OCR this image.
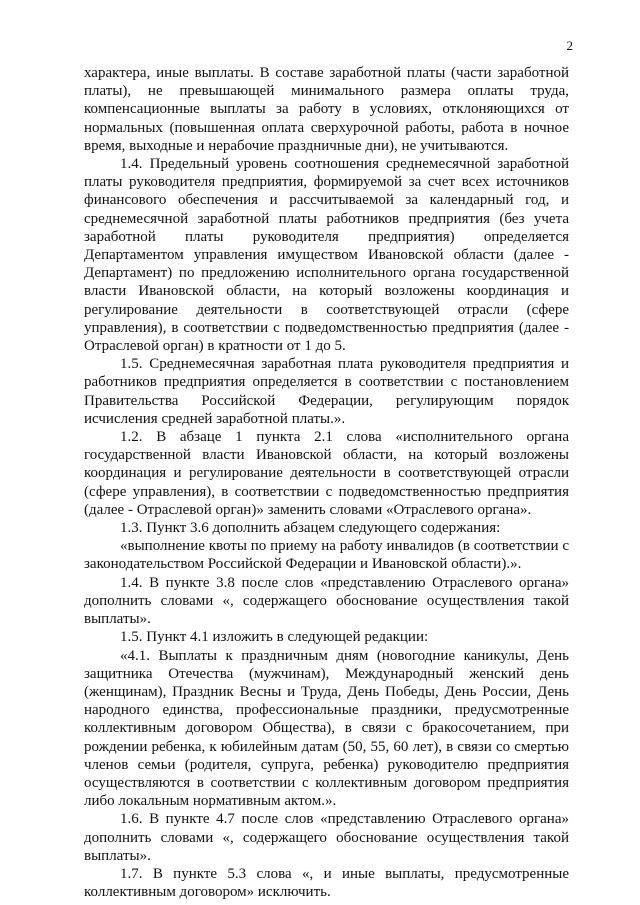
2

характера, иные выплаты. В составе заработной платы (части заработной платы), не превышающей минимального размера оплаты труда, компенсационные выплаты за работу в условиях, отклоняющихся от нормальных (повышенная оплата сверхурочной работы, работа в ночное время, выходные и нерабочие праздничные дни), не учитываются.

1.4. Предельный уровень соотношения среднемесячной заработной платы руководителя предприятия, формируемой за счет всех источников финансового обеспечения и рассчитываемой за календарный год, и среднемесячной заработной платы работников предприятия (без учета заработной платы руководителя предприятия) определяется Департаментом управления имуществом Ивановской области (далее - Департамент) по предложению исполнительного органа государственной власти Ивановской области, на который возложены координация и регулирование деятельности в соответствующей отрасли (сфере управления), в соответствии с подведомственностью предприятия (далее - Отраслевой орган) в кратности от 1 до 5.

1.5. Среднемесячная заработная плата руководителя предприятия и работников предприятия определяется в соответствии с постановлением Правительства Российской Федерации, регулирующим порядок исчисления средней заработной платы.».

1.2. В абзаце 1 пункта 2.1 слова «исполнительного органа государственной власти Ивановской области, на который возложены координация и регулирование деятельности в соответствующей отрасли (сфере управления), в соответствии с подведомственностью предприятия (далее - Отраслевой орган)» заменить словами «Отраслевого органа».

1.3. Пункт 3.6 дополнить абзацем следующего содержания:

«выполнение квоты по приему на работу инвалидов (в соответствии с законодательством Российской Федерации и Ивановской области).».

1.4. В пункте 3.8 после слов «представлению Отраслевого органа» дополнить словами «, содержащего обоснование осуществления такой выплаты».

1.5. Пункт 4.1 изложить в следующей редакции:

«4.1. Выплаты к праздничным дням (новогодние каникулы, День защитника Отечества (мужчинам), Международный женский день (женщинам), Праздник Весны и Труда, День Победы, День России, День народного единства, профессиональные праздники, предусмотренные коллективным договором Общества), в связи с бракосочетанием, при рождении ребенка, к юбилейным датам (50, 55, 60 лет), в связи со смертью членов семьи (родителя, супруга, ребенка) руководителю предприятия осуществляются в соответствии с коллективным договором предприятия либо локальным нормативным актом.».

1.6. В пункте 4.7 после слов «представлению Отраслевого органа» дополнить словами «, содержащего обоснование осуществления такой выплаты».

1.7. В пункте 5.3 слова «, и иные выплаты, предусмотренные коллективным договором» исключить.
